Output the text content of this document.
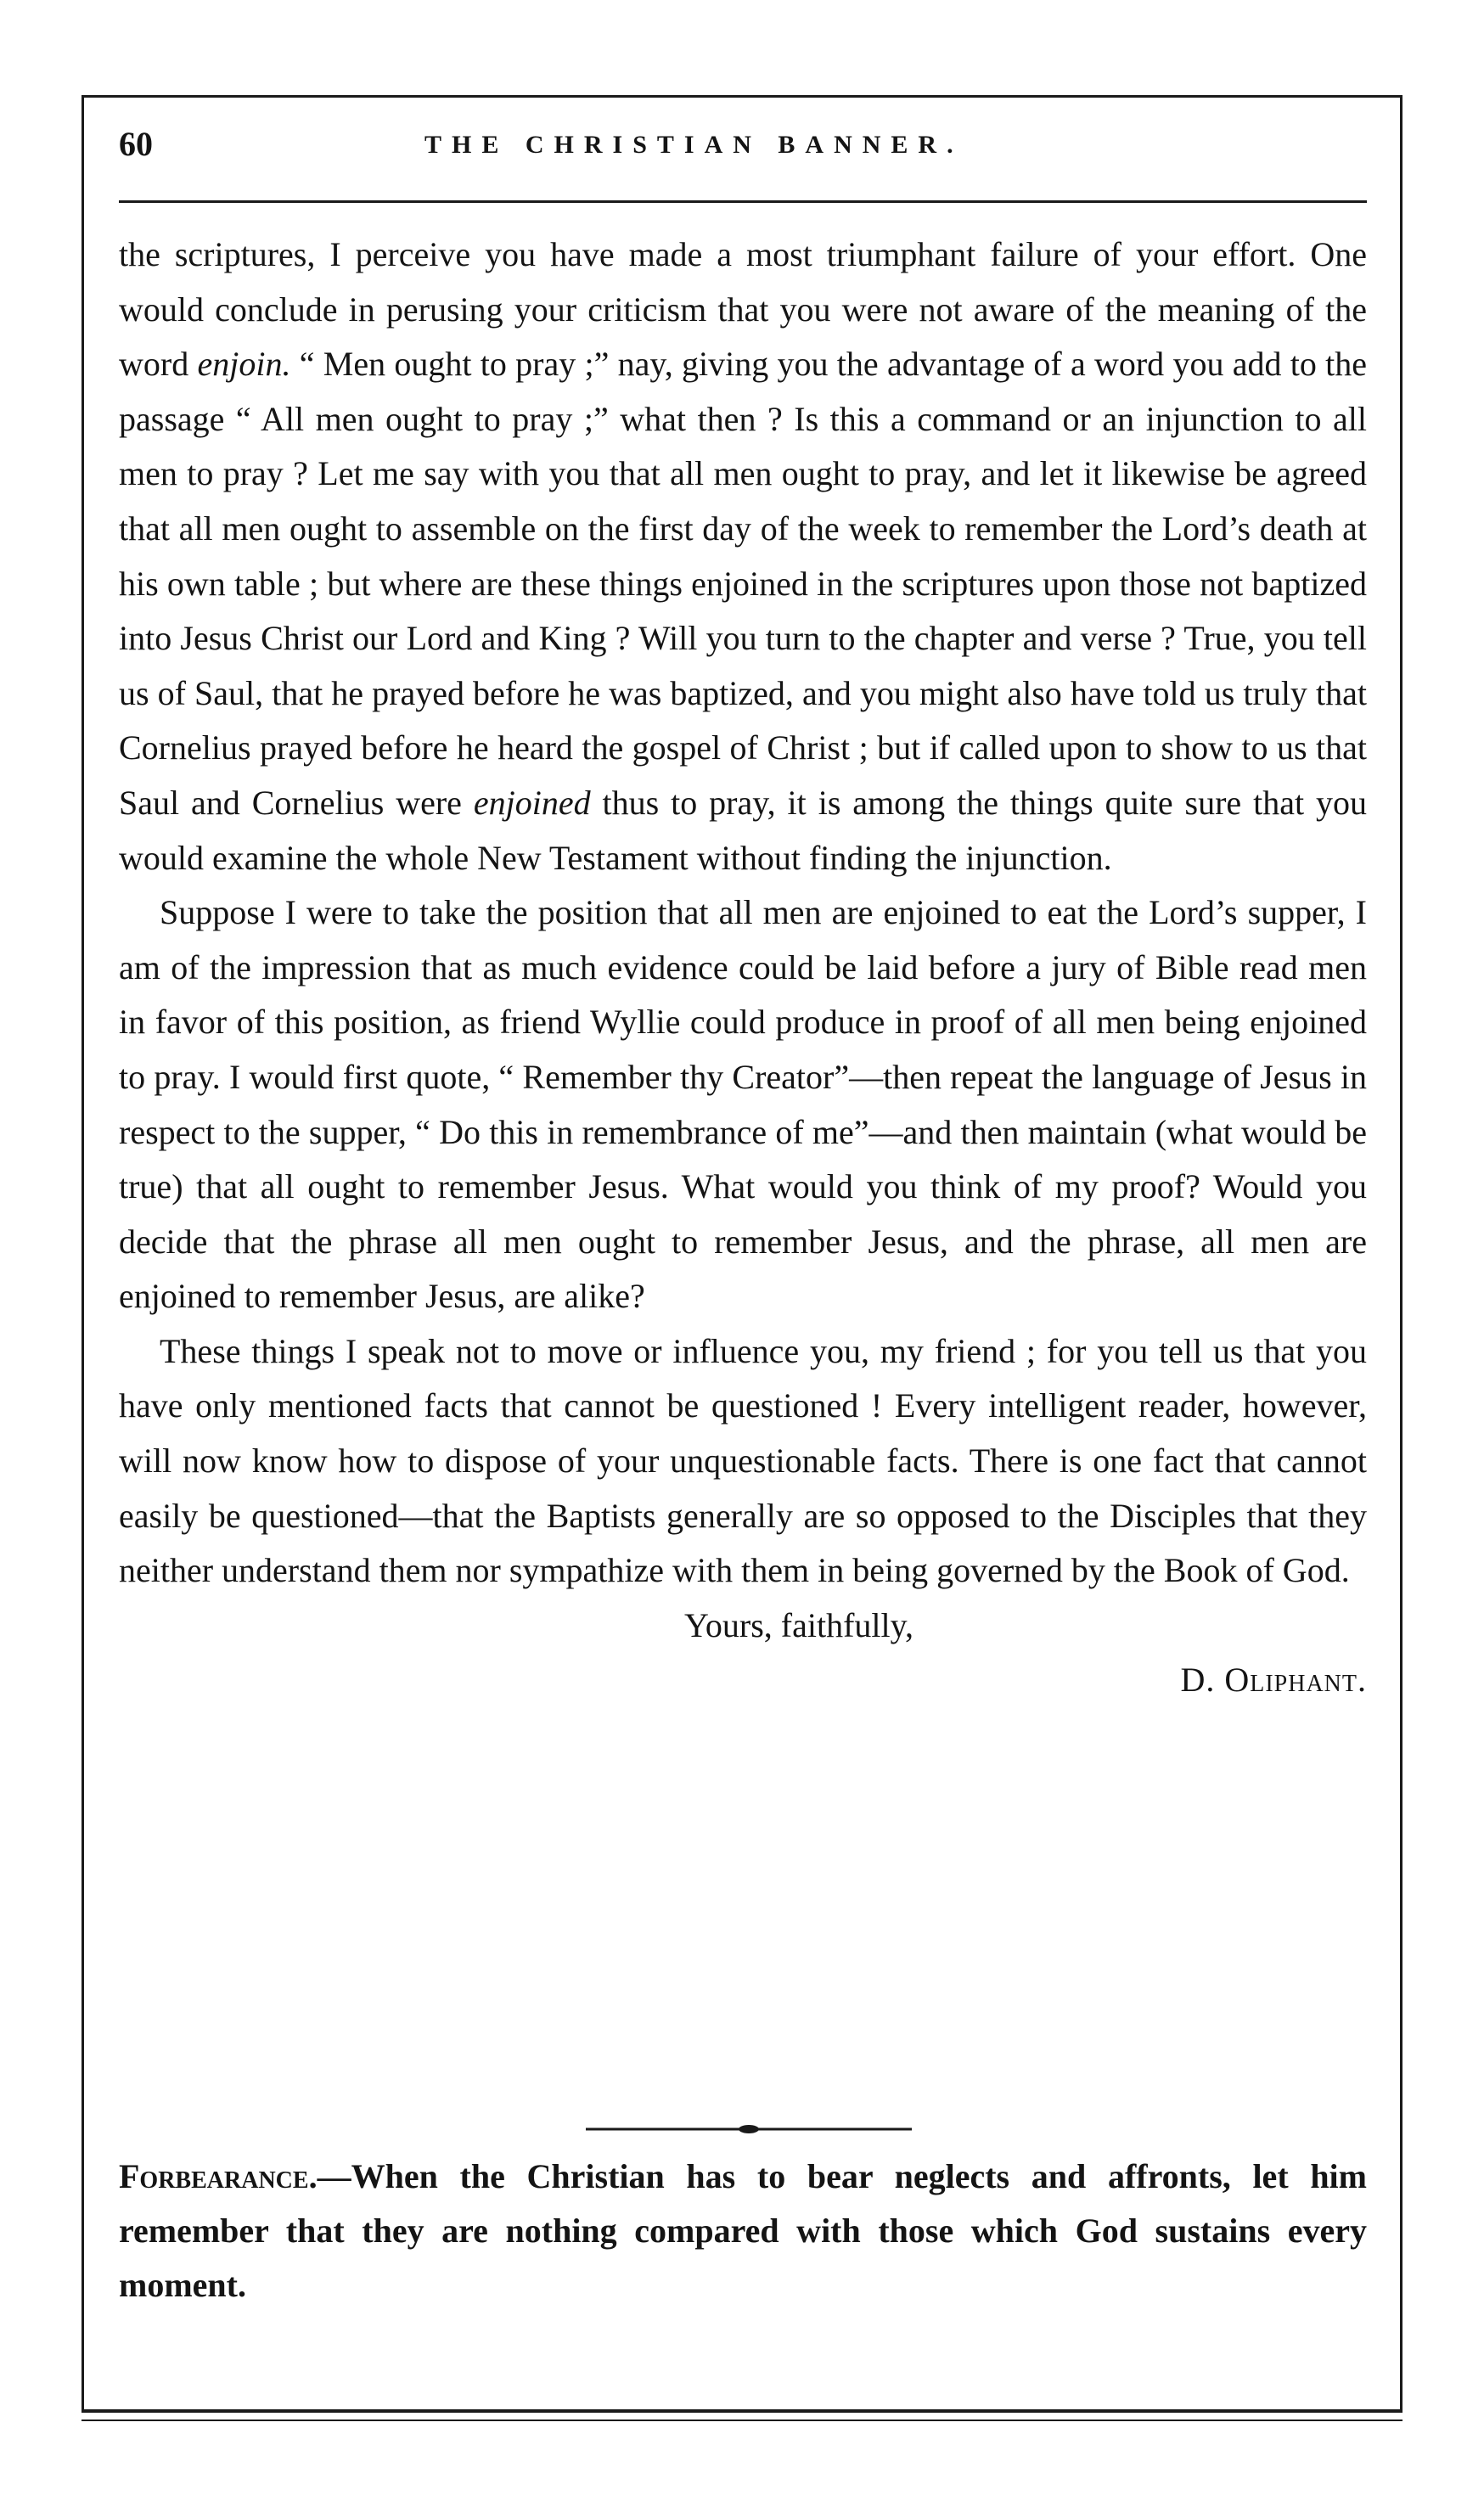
60	THE CHRISTIAN BANNER.

the scriptures, I perceive you have made a most triumphant failure of your effort. One would conclude in perusing your criticism that you were not aware of the meaning of the word enjoin. “ Men ought to pray ;” nay, giving you the advantage of a word you add to the passage “ All men ought to pray ;” what then ? Is this a command or an injunction to all men to pray ? Let me say with you that all men ought to pray, and let it likewise be agreed that all men ought to assemble on the first day of the week to remember the Lord’s death at his own table ; but where are these things enjoined in the scriptures upon those not baptized into Jesus Christ our Lord and King ? Will you turn to the chapter and verse ? True, you tell us of Saul, that he prayed before he was baptized, and you might also have told us truly that Cornelius prayed before he heard the gospel of Christ ; but if called upon to show to us that Saul and Cornelius were enjoined thus to pray, it is among the things quite sure that you would examine the whole New Testament without finding the injunction.

Suppose I were to take the position that all men are enjoined to eat the Lord’s supper, I am of the impression that as much evidence could be laid before a jury of Bible read men in favor of this position, as friend Wyllie could produce in proof of all men being enjoined to pray. I would first quote, “ Remember thy Creator”—then repeat the language of Jesus in respect to the supper, “ Do this in remembrance of me”—and then maintain (what would be true) that all ought to remember Jesus. What would you think of my proof? Would you decide that the phrase all men ought to remember Jesus, and the phrase, all men are enjoined to remember Jesus, are alike?

These things I speak not to move or influence you, my friend ; for you tell us that you have only mentioned facts that cannot be questioned ! Every intelligent reader, however, will now know how to dispose of your unquestionable facts. There is one fact that cannot easily be questioned—that the Baptists generally are so opposed to the Disciples that they neither understand them nor sympathize with them in being governed by the Book of God.

Yours, faithfully,

D. Oliphant.

Forbearance.—When the Christian has to bear neglects and affronts, let him remember that they are nothing compared with those which God sustains every moment.
